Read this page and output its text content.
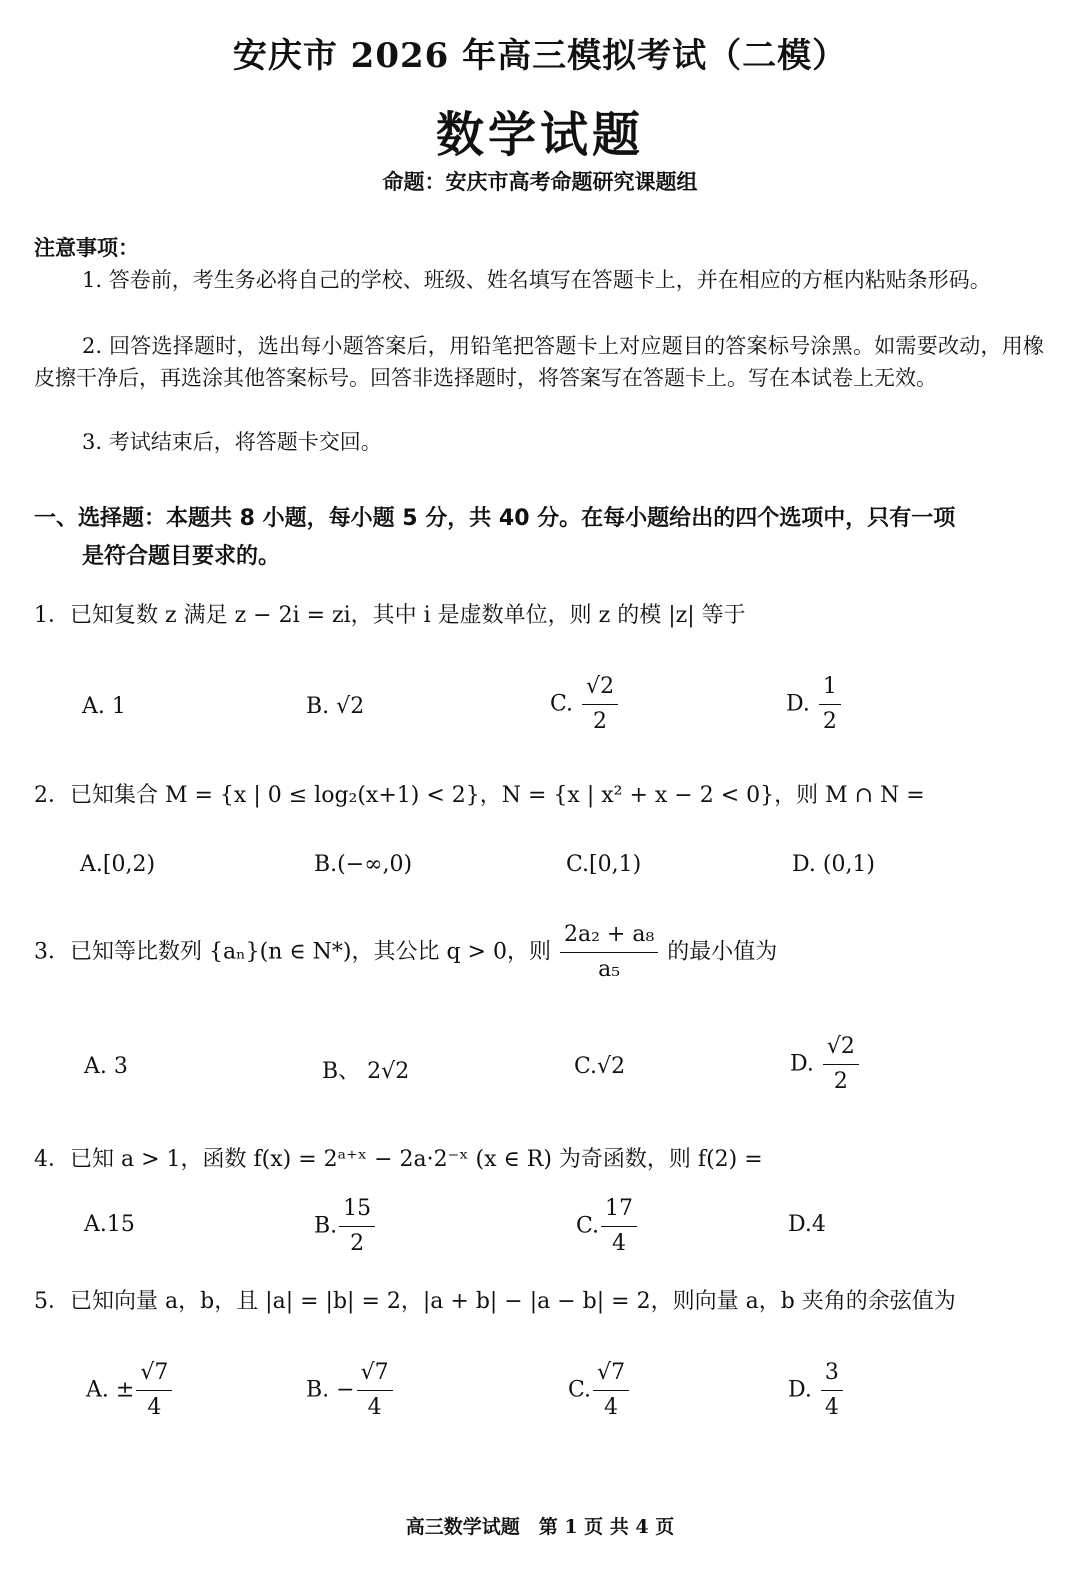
安庆市 2026 年高三模拟考试（二模）
数学试题
命题：安庆市高考命题研究课题组
注意事项：
1. 答卷前，考生务必将自己的学校、班级、姓名填写在答题卡上，并在相应的方框内粘贴条形码。
2. 回答选择题时，选出每小题答案后，用铅笔把答题卡上对应题目的答案标号涂黑。如需要改动，用橡皮擦干净后，再选涂其他答案标号。回答非选择题时，将答案写在答题卡上。写在本试卷上无效。
3. 考试结束后，将答题卡交回。
一、选择题：本题共 8 小题，每小题 5 分，共 40 分。在每小题给出的四个选项中，只有一项
是符合题目要求的。
1．已知复数 z 满足 z − 2i = zi，其中 i 是虚数单位，则 z 的模 |z| 等于
A. 1	B. √2	C. $\frac{√2}{2}$	D. $\frac{1}{2}$
2．已知集合 M = {x | 0 ≤ log₂(x+1) < 2}，N = {x | x² + x − 2 < 0}，则 M ∩ N =
A.[0,2)	B.(−∞,0)	C.[0,1)	D. (0,1)
3．已知等比数列 {aₙ}(n ∈ N*)，其公比 q > 0，则 $\frac{\text{2a₂ + a₈}}{\text{a₅}}$ 的最小值为
A. 3	B、 2√2	C.√2	D. $\frac{√2}{2}$
4．已知 a > 1，函数 f(x) = 2ᵃ⁺ˣ − 2a·2⁻ˣ (x ∈ R) 为奇函数，则 f(2) =
A.15	B. $\frac{15}{2}$	C. $\frac{17}{4}$	D.4
5．已知向量 a，b，且 |a| = |b| = 2，|a + b| − |a − b| = 2，则向量 a，b 夹角的余弦值为
A. ± $\frac{√7}{4}$	B. − $\frac{√7}{4}$	C. $\frac{√7}{4}$	D. $\frac{3}{4}$
高三数学试题　第 1 页 共 4 页
